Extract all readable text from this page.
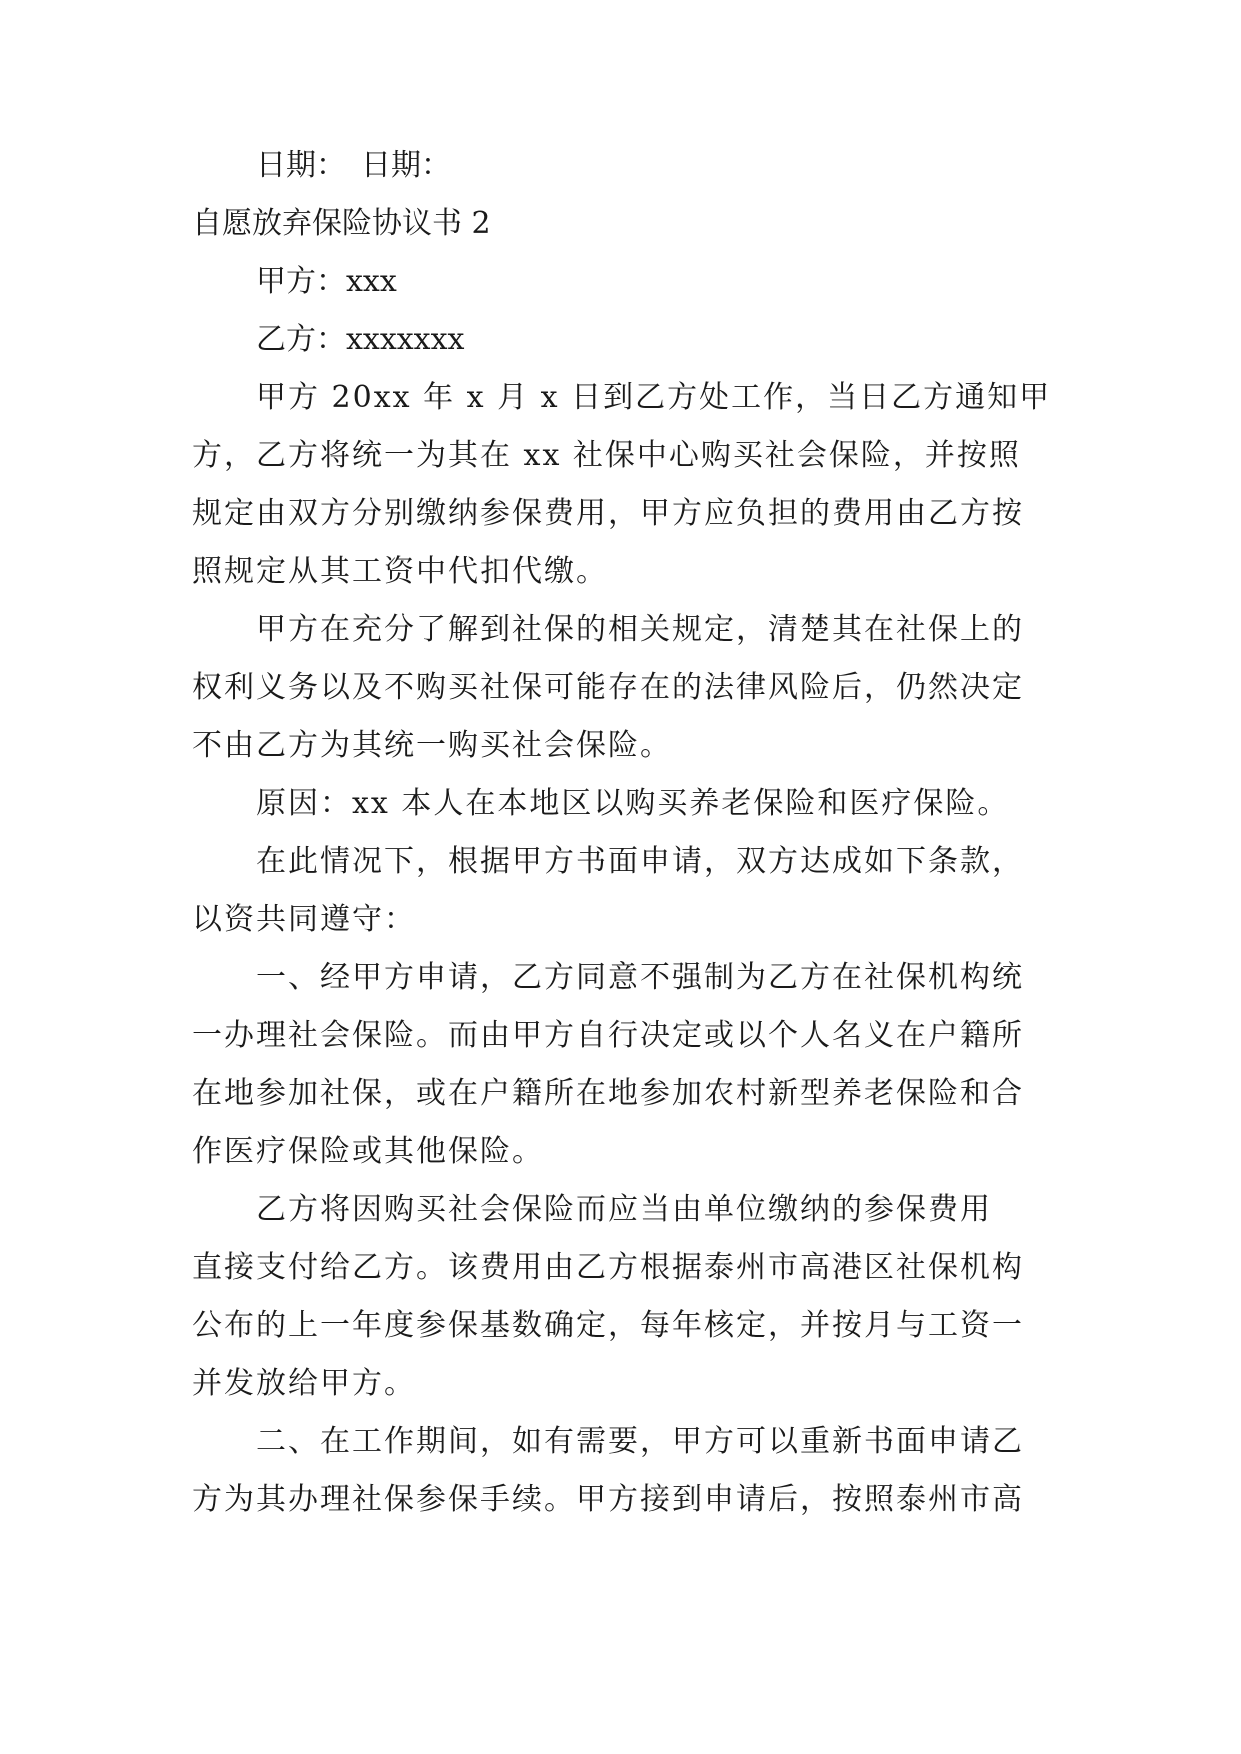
日期：　日期：
自愿放弃保险协议书 2
甲方：xxx
乙方：xxxxxxx
甲方 20xx 年 x 月 x 日到乙方处工作，当日乙方通知甲
方，乙方将统一为其在 xx 社保中心购买社会保险，并按照
规定由双方分别缴纳参保费用，甲方应负担的费用由乙方按
照规定从其工资中代扣代缴。
甲方在充分了解到社保的相关规定，清楚其在社保上的
权利义务以及不购买社保可能存在的法律风险后，仍然决定
不由乙方为其统一购买社会保险。
原因：xx 本人在本地区以购买养老保险和医疗保险。
在此情况下，根据甲方书面申请，双方达成如下条款，
以资共同遵守：
一、经甲方申请，乙方同意不强制为乙方在社保机构统
一办理社会保险。而由甲方自行决定或以个人名义在户籍所
在地参加社保，或在户籍所在地参加农村新型养老保险和合
作医疗保险或其他保险。
乙方将因购买社会保险而应当由单位缴纳的参保费用
直接支付给乙方。该费用由乙方根据泰州市高港区社保机构
公布的上一年度参保基数确定，每年核定，并按月与工资一
并发放给甲方。
二、在工作期间，如有需要，甲方可以重新书面申请乙
方为其办理社保参保手续。甲方接到申请后，按照泰州市高
